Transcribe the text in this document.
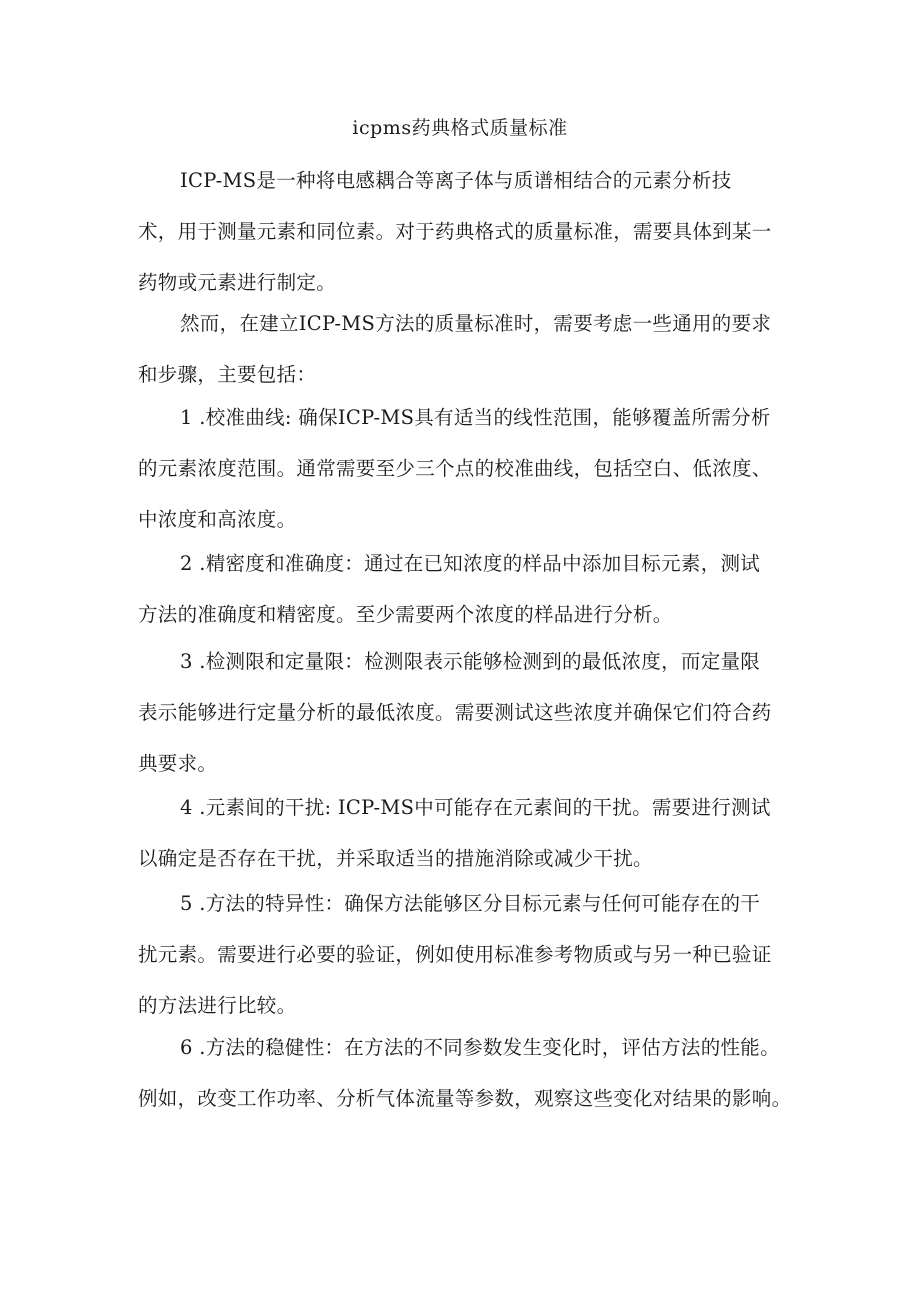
icpms药典格式质量标准
ICP-MS是一种将电感耦合等离子体与质谱相结合的元素分析技
术，用于测量元素和同位素。对于药典格式的质量标准，需要具体到某一
药物或元素进行制定。
然而，在建立ICP-MS方法的质量标准时，需要考虑一些通用的要求
和步骤，主要包括：
1 .校准曲线: 确保ICP-MS具有适当的线性范围，能够覆盖所需分析
的元素浓度范围。通常需要至少三个点的校准曲线，包括空白、低浓度、
中浓度和高浓度。
2 .精密度和准确度：通过在已知浓度的样品中添加目标元素，测试
方法的准确度和精密度。至少需要两个浓度的样品进行分析。
3 .检测限和定量限：检测限表示能够检测到的最低浓度，而定量限
表示能够进行定量分析的最低浓度。需要测试这些浓度并确保它们符合药
典要求。
4 .元素间的干扰: ICP-MS中可能存在元素间的干扰。需要进行测试
以确定是否存在干扰，并采取适当的措施消除或减少干扰。
5 .方法的特异性：确保方法能够区分目标元素与任何可能存在的干
扰元素。需要进行必要的验证，例如使用标准参考物质或与另一种已验证
的方法进行比较。
6 .方法的稳健性：在方法的不同参数发生变化时，评估方法的性能。
例如，改变工作功率、分析气体流量等参数，观察这些变化对结果的影响。
